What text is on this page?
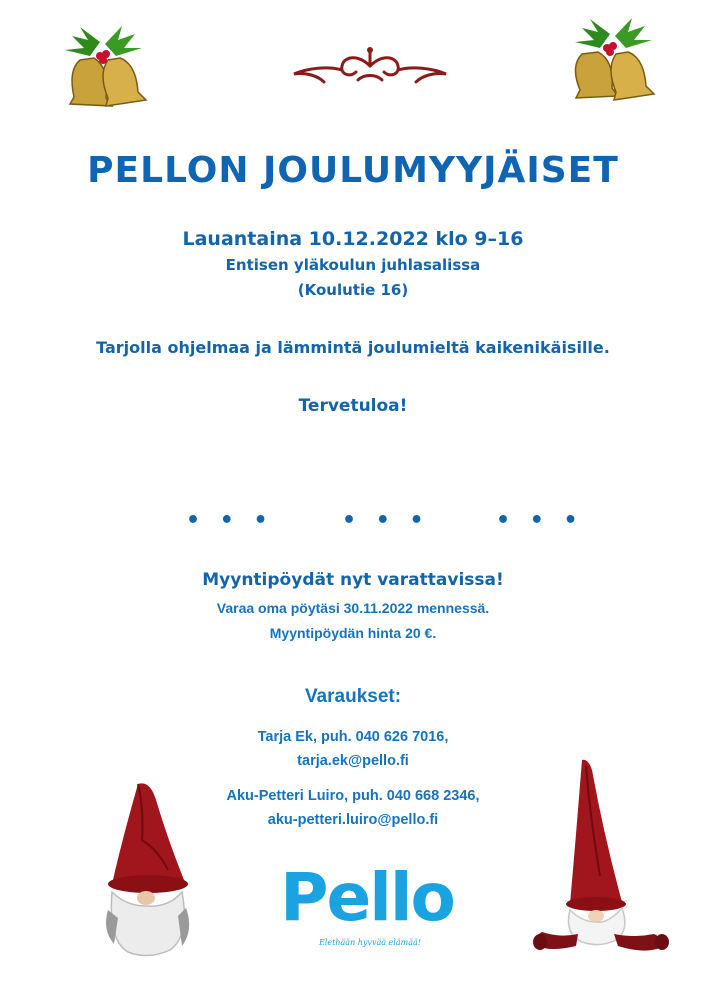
PELLON JOULUMYYJÄISET
Lauantaina 10.12.2022 klo 9–16
Entisen yläkoulun juhlasalissa
(Koulutie 16)
Tarjolla ohjelmaa ja lämmintä joulumieltä kaikenikäisille.
Tervetuloa!
• • •	• • •	• • •
Myyntipöydät nyt varattavissa!
Varaa oma pöytäsi 30.11.2022 mennessä.
Myyntipöydän hinta 20 €.
Varaukset:
Tarja Ek, puh. 040 626 7016,
tarja.ek@pello.fi
Aku-Petteri Luiro, puh. 040 668 2346,
aku-petteri.luiro@pello.fi
Pello
Elethään hyvvää elämää!
